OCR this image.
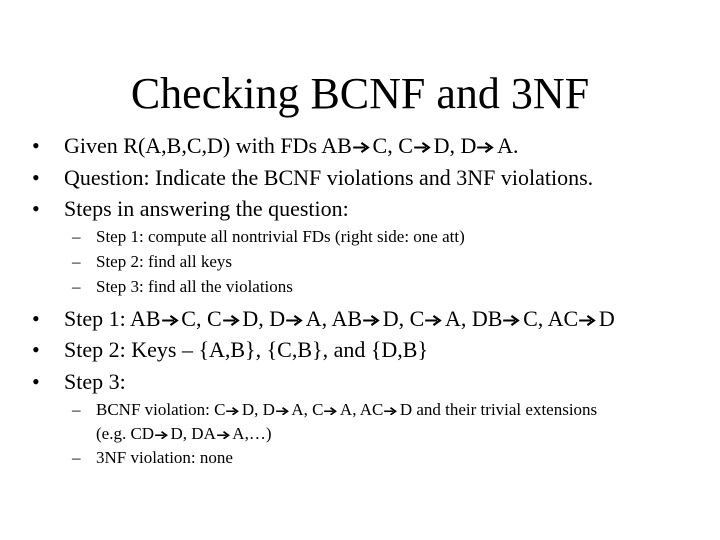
Checking BCNF and 3NF
• Given R(A,B,C,D) with FDs AB C, C D, D A.
• Question: Indicate the BCNF violations and 3NF violations.
• Steps in answering the question:
– Step 1: compute all nontrivial FDs (right side: one att)
– Step 2: find all keys
– Step 3: find all the violations
• Step 1: AB C, C D, D A, AB D, C A, DB C, AC D
• Step 2: Keys – {A,B}, {C,B}, and {D,B}
• Step 3:
– BCNF violation: C D, D A, C A, AC D and their trivial extensions
(e.g. CD D, DA A,…)
– 3NF violation: none
